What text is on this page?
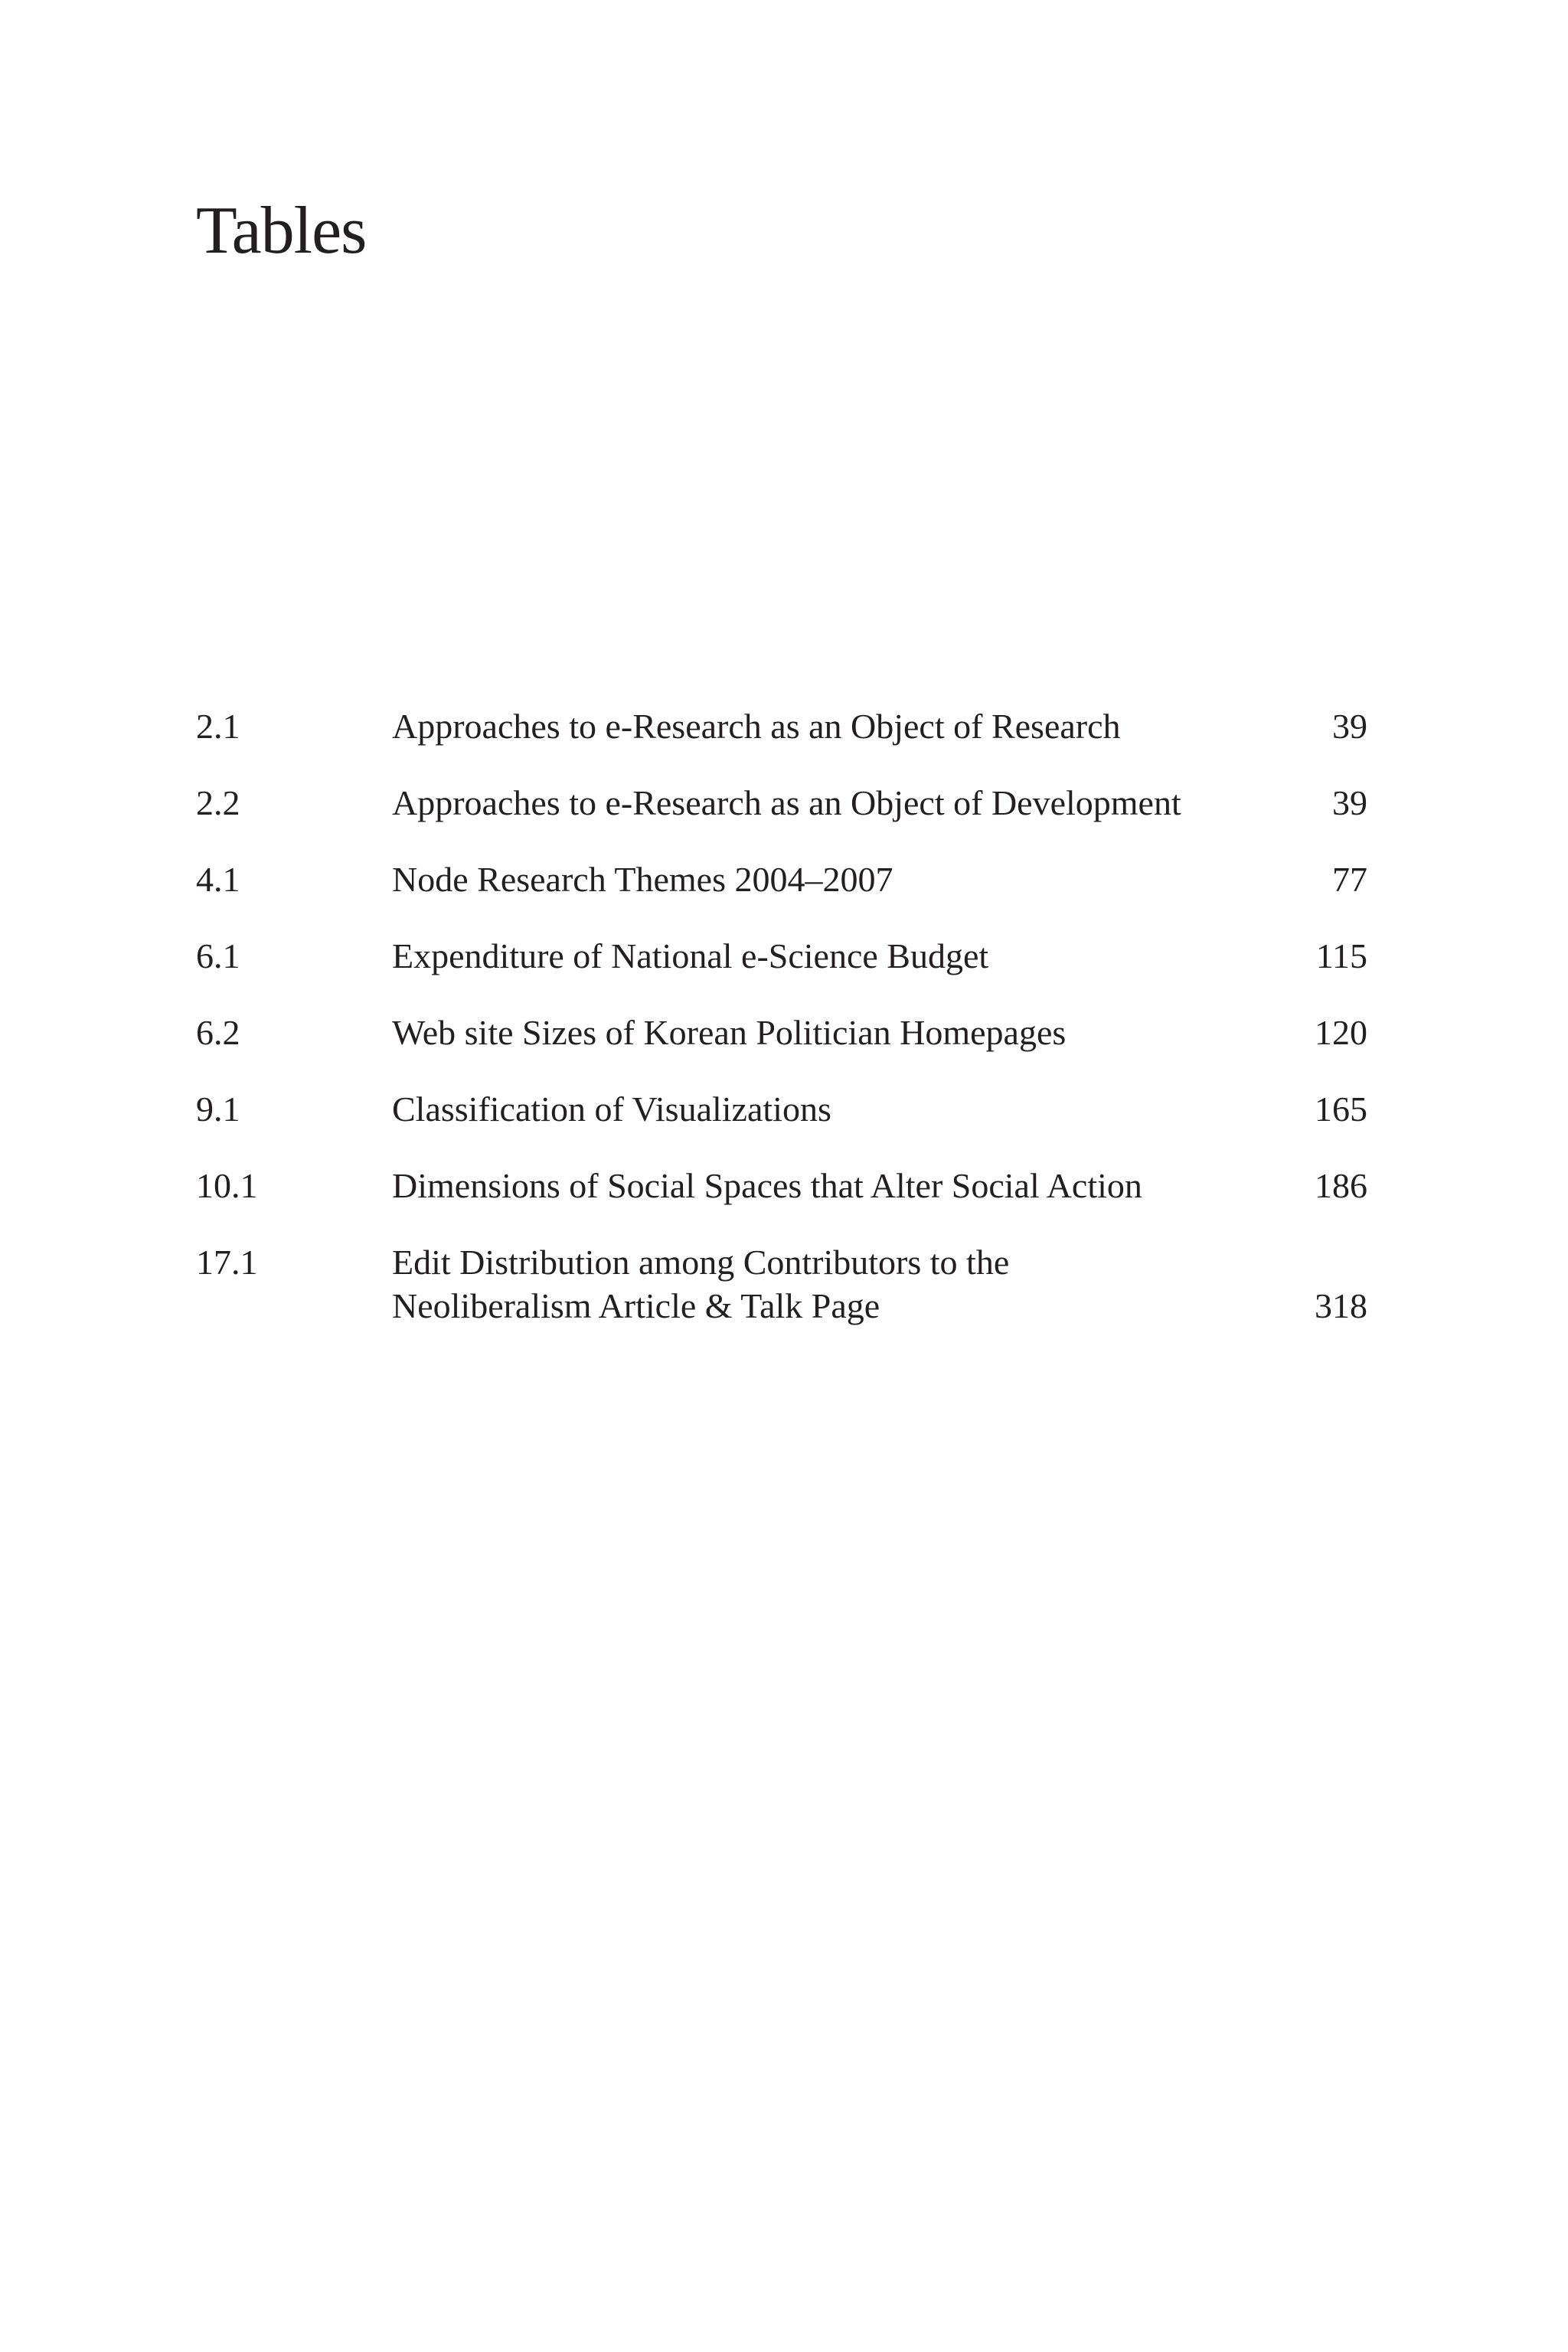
Tables
2.1	Approaches to e-Research as an Object of Research	39
2.2	Approaches to e-Research as an Object of Development	39
4.1	Node Research Themes 2004–2007	77
6.1	Expenditure of National e-Science Budget	115
6.2	Web site Sizes of Korean Politician Homepages	120
9.1	Classification of Visualizations	165
10.1	Dimensions of Social Spaces that Alter Social Action	186
17.1	Edit Distribution among Contributors to the
Neoliberalism Article & Talk Page	318
